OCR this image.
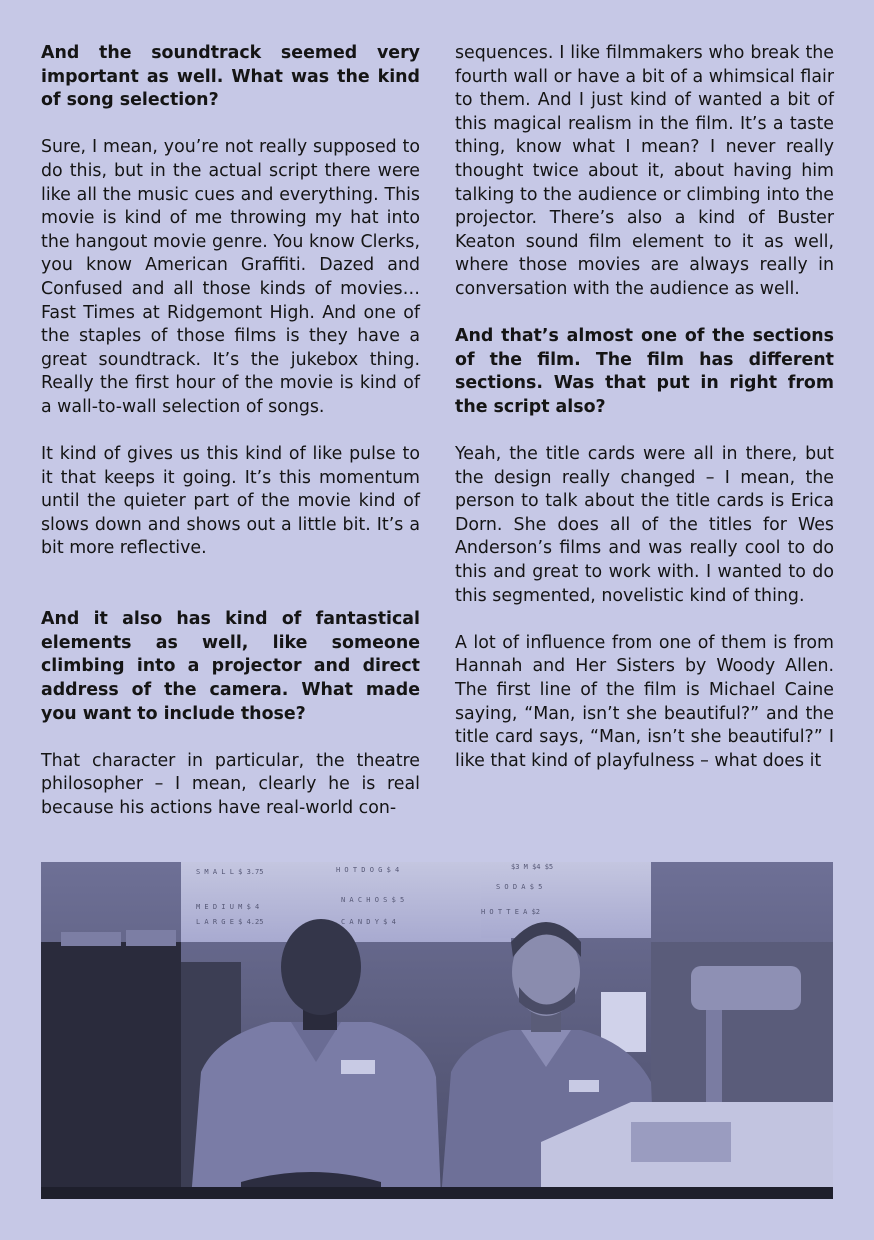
And the soundtrack seemed very important as well. What was the kind of song selection?

Sure, I mean, you’re not really supposed to do this, but in the actual script there were like all the music cues and everything. This movie is kind of me throwing my hat into the hangout movie genre. You know Clerks, you know American Graffiti. Dazed and Confused and all those kinds of movies… Fast Times at Ridgemont High. And one of the staples of those films is they have a great soundtrack. It’s the jukebox thing. Really the first hour of the movie is kind of a wall-to-wall selection of songs.

It kind of gives us this kind of like pulse to it that keeps it going. It’s this momentum until the quieter part of the movie kind of slows down and shows out a little bit. It’s a bit more reflective.

And it also has kind of fantastical elements as well, like someone climbing into a projector and direct address of the camera. What made you want to include those?

That character in particular, the theatre philosopher – I mean, clearly he is real because his actions have real-world con-

sequences. I like filmmakers who break the fourth wall or have a bit of a whimsical flair to them. And I just kind of wanted a bit of this magical realism in the film. It’s a taste thing, know what I mean? I never really thought twice about it, about having him talking to the audience or climbing into the projector. There’s also a kind of Buster Keaton sound film element to it as well, where those movies are always really in conversation with the audience as well.

And that’s almost one of the sections of the film. The film has different sections. Was that put in right from the script also?

Yeah, the title cards were all in there, but the design really changed – I mean, the person to talk about the title cards is Erica Dorn. She does all of the titles for Wes Anderson’s films and was really cool to do this and great to work with. I wanted to do this segmented, novelistic kind of thing.

A lot of influence from one of them is from Hannah and Her Sisters by Woody Allen. The first line of the film is Michael Caine saying, “Man, isn’t she beautiful?” and the title card says, “Man, isn’t she beautiful?” I like that kind of playfulness – what does it

S M A L L $ 3.75
M E D I U M $ 4
L A R G E $ 4.25
H O T D O G $ 4
N A C H O S $ 5
C A N D Y $ 4
$3 M $4 $5
S O D A $ 5
H O T T E A $2
